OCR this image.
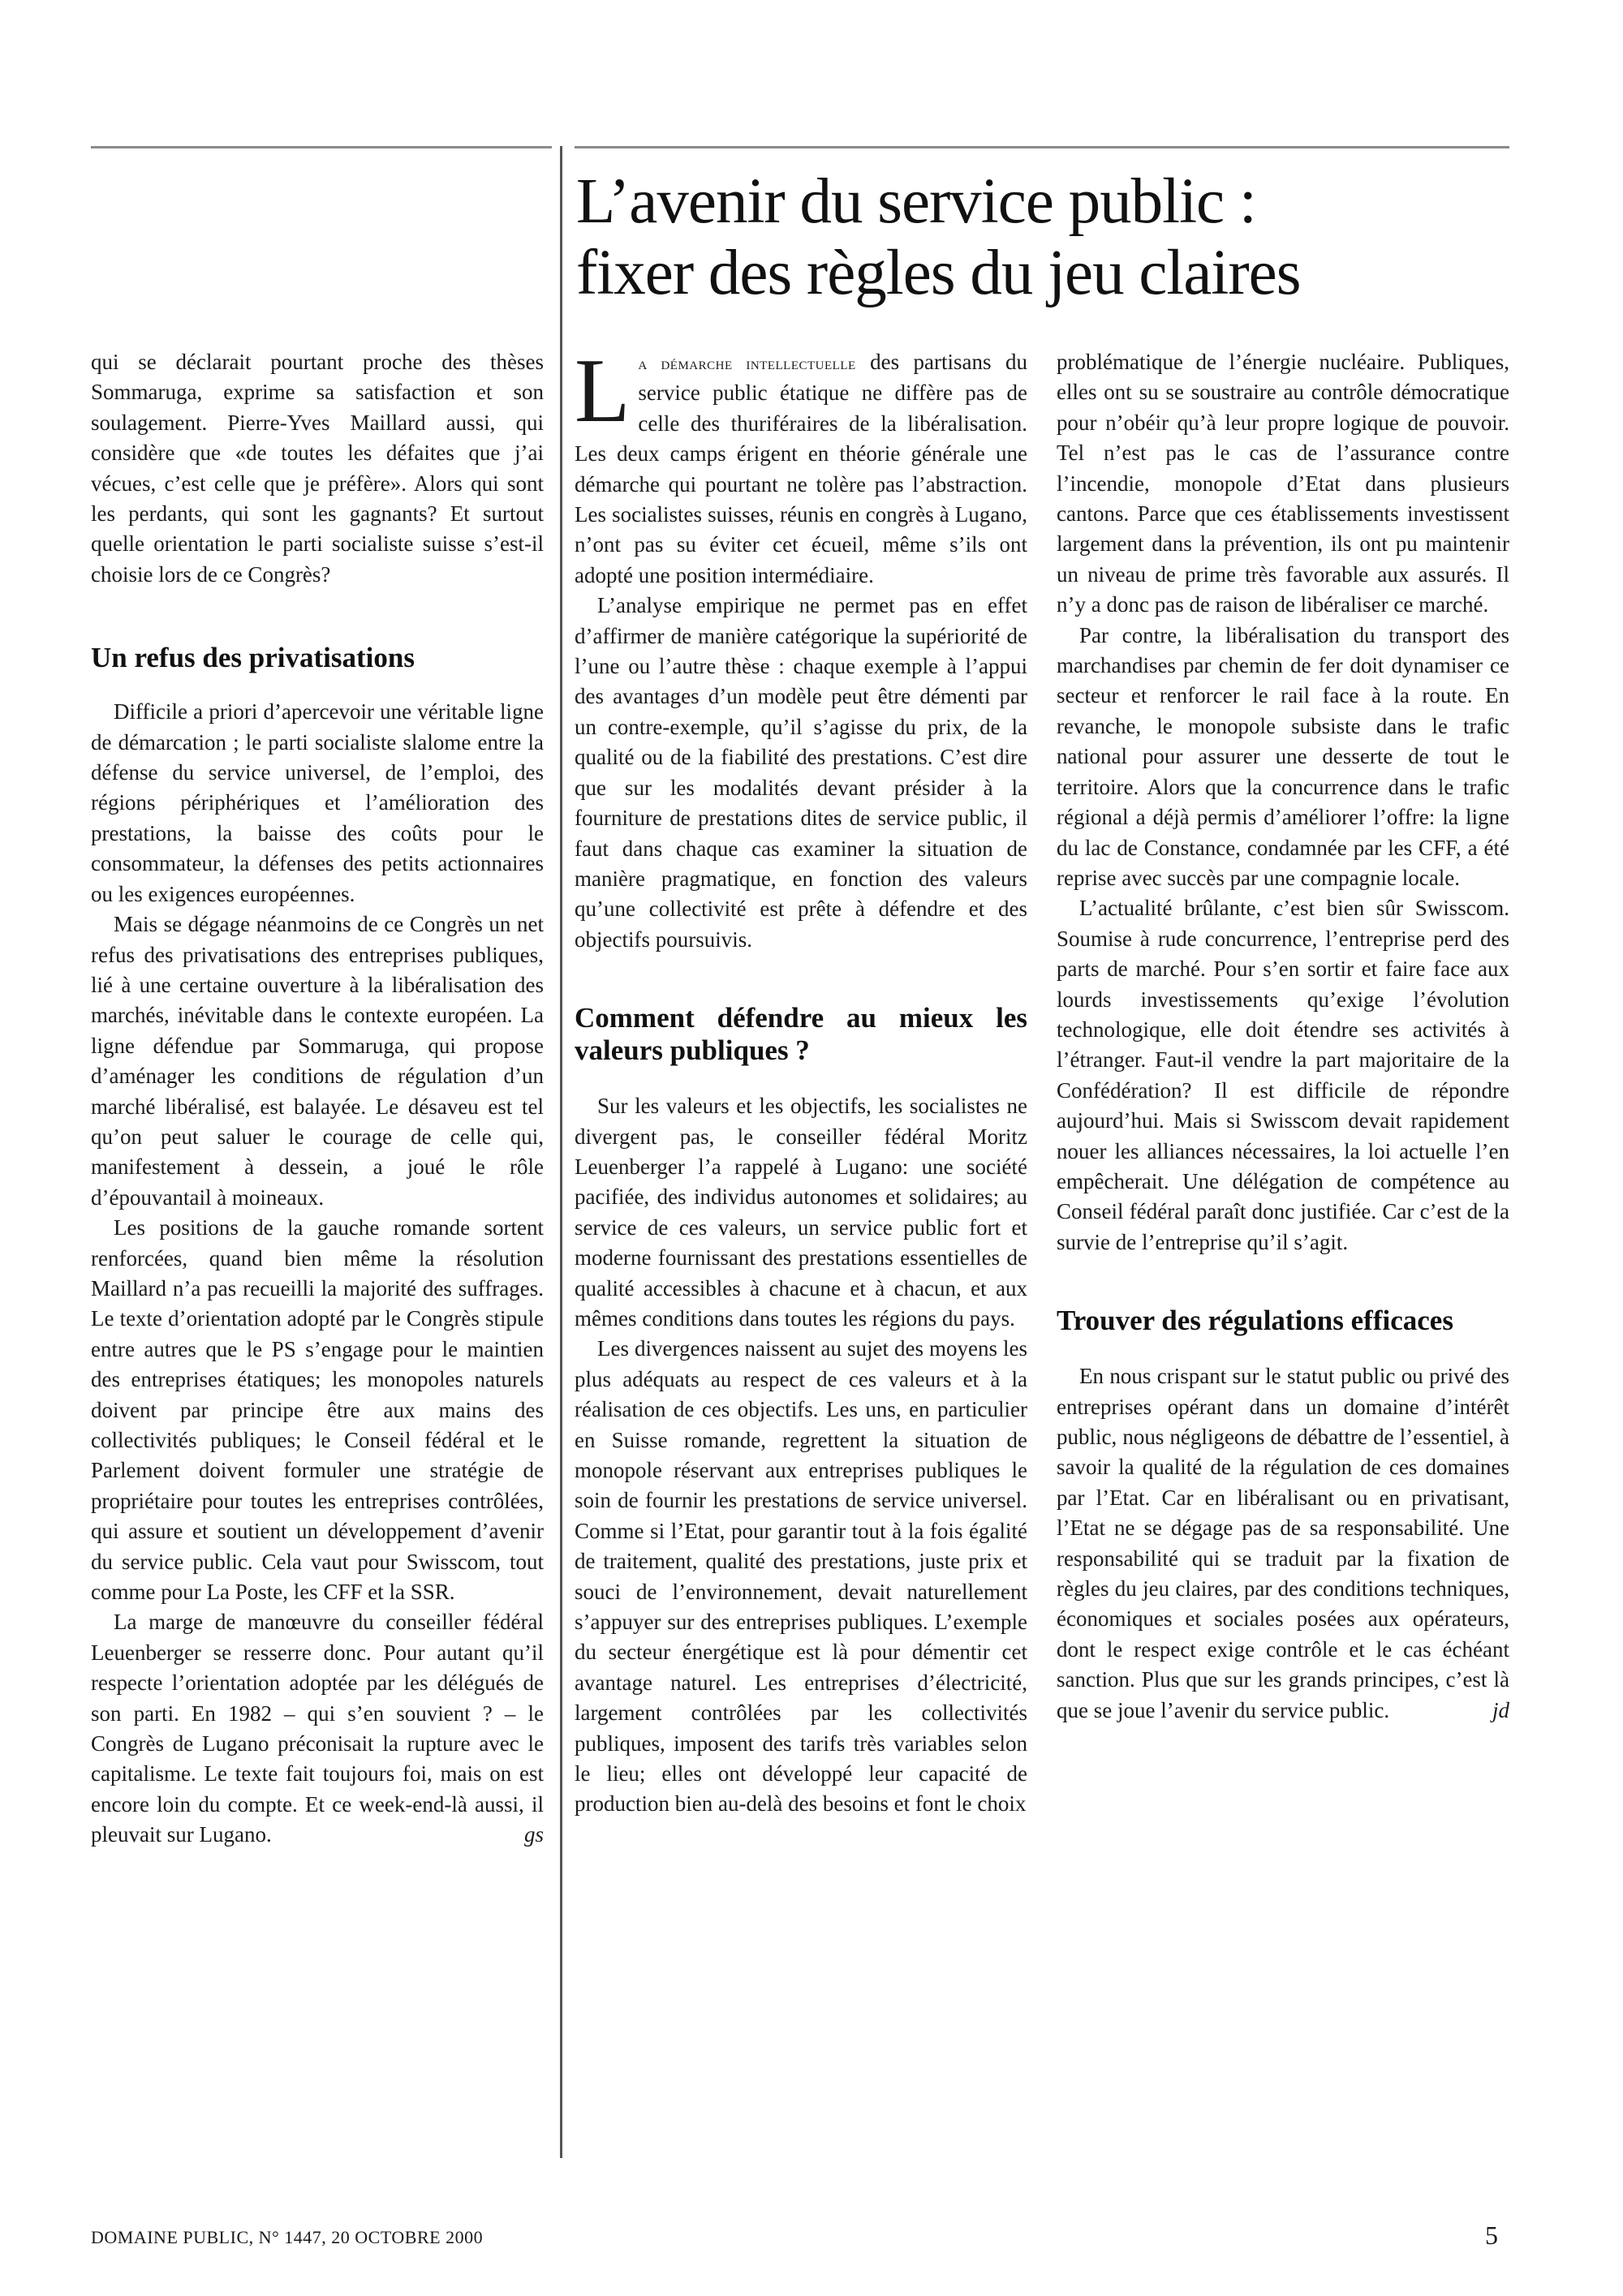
L’avenir du service public :
fixer des règles du jeu claires

qui se déclarait pourtant proche des thèses Sommaruga, exprime sa satisfaction et son soulagement. Pierre-Yves Maillard aussi, qui considère que «de toutes les défaites que j’ai vécues, c’est celle que je préfère». Alors qui sont les perdants, qui sont les gagnants? Et surtout quelle orientation le parti socialiste suisse s’est-il choisie lors de ce Congrès?

Un refus des privatisations

Difficile a priori d’apercevoir une véritable ligne de démarcation ; le parti socialiste slalome entre la défense du service universel, de l’emploi, des régions périphériques et l’amélioration des prestations, la baisse des coûts pour le consommateur, la défenses des petits actionnaires ou les exigences européennes.

Mais se dégage néanmoins de ce Congrès un net refus des privatisations des entreprises publiques, lié à une certaine ouverture à la libéralisation des marchés, inévitable dans le contexte européen. La ligne défendue par Sommaruga, qui propose d’aménager les conditions de régulation d’un marché libéralisé, est balayée. Le désaveu est tel qu’on peut saluer le courage de celle qui, manifestement à dessein, a joué le rôle d’épouvantail à moineaux.

Les positions de la gauche romande sortent renforcées, quand bien même la résolution Maillard n’a pas recueilli la majorité des suffrages. Le texte d’orientation adopté par le Congrès stipule entre autres que le PS s’engage pour le maintien des entreprises étatiques; les monopoles naturels doivent par principe être aux mains des collectivités publiques; le Conseil fédéral et le Parlement doivent formuler une stratégie de propriétaire pour toutes les entreprises contrôlées, qui assure et soutient un développement d’avenir du service public. Cela vaut pour Swisscom, tout comme pour La Poste, les CFF et la SSR.

La marge de manœuvre du conseiller fédéral Leuenberger se resserre donc. Pour autant qu’il respecte l’orientation adoptée par les délégués de son parti. En 1982 – qui s’en souvient ? – le Congrès de Lugano préconisait la rupture avec le capitalisme. Le texte fait toujours foi, mais on est encore loin du compte. Et ce week-end-là aussi, il pleuvait sur Lugano.	gs

La démarche intellectuelle des partisans du service public étatique ne diffère pas de celle des thuriféraires de la libéralisation. Les deux camps érigent en théorie générale une démarche qui pourtant ne tolère pas l’abstraction. Les socialistes suisses, réunis en congrès à Lugano, n’ont pas su éviter cet écueil, même s’ils ont adopté une position intermédiaire.

L’analyse empirique ne permet pas en effet d’affirmer de manière catégorique la supériorité de l’une ou l’autre thèse : chaque exemple à l’appui des avantages d’un modèle peut être démenti par un contre-exemple, qu’il s’agisse du prix, de la qualité ou de la fiabilité des prestations. C’est dire que sur les modalités devant présider à la fourniture de prestations dites de service public, il faut dans chaque cas examiner la situation de manière pragmatique, en fonction des valeurs qu’une collectivité est prête à défendre et des objectifs poursuivis.

Comment défendre au mieux les valeurs publiques ?

Sur les valeurs et les objectifs, les socialistes ne divergent pas, le conseiller fédéral Moritz Leuenberger l’a rappelé à Lugano: une société pacifiée, des individus autonomes et solidaires; au service de ces valeurs, un service public fort et moderne fournissant des prestations essentielles de qualité accessibles à chacune et à chacun, et aux mêmes conditions dans toutes les régions du pays.

Les divergences naissent au sujet des moyens les plus adéquats au respect de ces valeurs et à la réalisation de ces objectifs. Les uns, en particulier en Suisse romande, regrettent la situation de monopole réservant aux entreprises publiques le soin de fournir les prestations de service universel. Comme si l’Etat, pour garantir tout à la fois égalité de traitement, qualité des prestations, juste prix et souci de l’environnement, devait naturellement s’appuyer sur des entreprises publiques. L’exemple du secteur énergétique est là pour démentir cet avantage naturel. Les entreprises d’électricité, largement contrôlées par les collectivités publiques, imposent des tarifs très variables selon le lieu; elles ont développé leur capacité de production bien au-delà des besoins et font le choix

problématique de l’énergie nucléaire. Publiques, elles ont su se soustraire au contrôle démocratique pour n’obéir qu’à leur propre logique de pouvoir. Tel n’est pas le cas de l’assurance contre l’incendie, monopole d’Etat dans plusieurs cantons. Parce que ces établissements investissent largement dans la prévention, ils ont pu maintenir un niveau de prime très favorable aux assurés. Il n’y a donc pas de raison de libéraliser ce marché.

Par contre, la libéralisation du transport des marchandises par chemin de fer doit dynamiser ce secteur et renforcer le rail face à la route. En revanche, le monopole subsiste dans le trafic national pour assurer une desserte de tout le territoire. Alors que la concurrence dans le trafic régional a déjà permis d’améliorer l’offre: la ligne du lac de Constance, condamnée par les CFF, a été reprise avec succès par une compagnie locale.

L’actualité brûlante, c’est bien sûr Swisscom. Soumise à rude concurrence, l’entreprise perd des parts de marché. Pour s’en sortir et faire face aux lourds investissements qu’exige l’évolution technologique, elle doit étendre ses activités à l’étranger. Faut-il vendre la part majoritaire de la Confédération? Il est difficile de répondre aujourd’hui. Mais si Swisscom devait rapidement nouer les alliances nécessaires, la loi actuelle l’en empêcherait. Une délégation de compétence au Conseil fédéral paraît donc justifiée. Car c’est de la survie de l’entreprise qu’il s’agit.

Trouver des régulations efficaces

En nous crispant sur le statut public ou privé des entreprises opérant dans un domaine d’intérêt public, nous négligeons de débattre de l’essentiel, à savoir la qualité de la régulation de ces domaines par l’Etat. Car en libéralisant ou en privatisant, l’Etat ne se dégage pas de sa responsabilité. Une responsabilité qui se traduit par la fixation de règles du jeu claires, par des conditions techniques, économiques et sociales posées aux opérateurs, dont le respect exige contrôle et le cas échéant sanction. Plus que sur les grands principes, c’est là que se joue l’avenir du service public.	jd

DOMAINE PUBLIC, N° 1447, 20 OCTOBRE 2000	5
